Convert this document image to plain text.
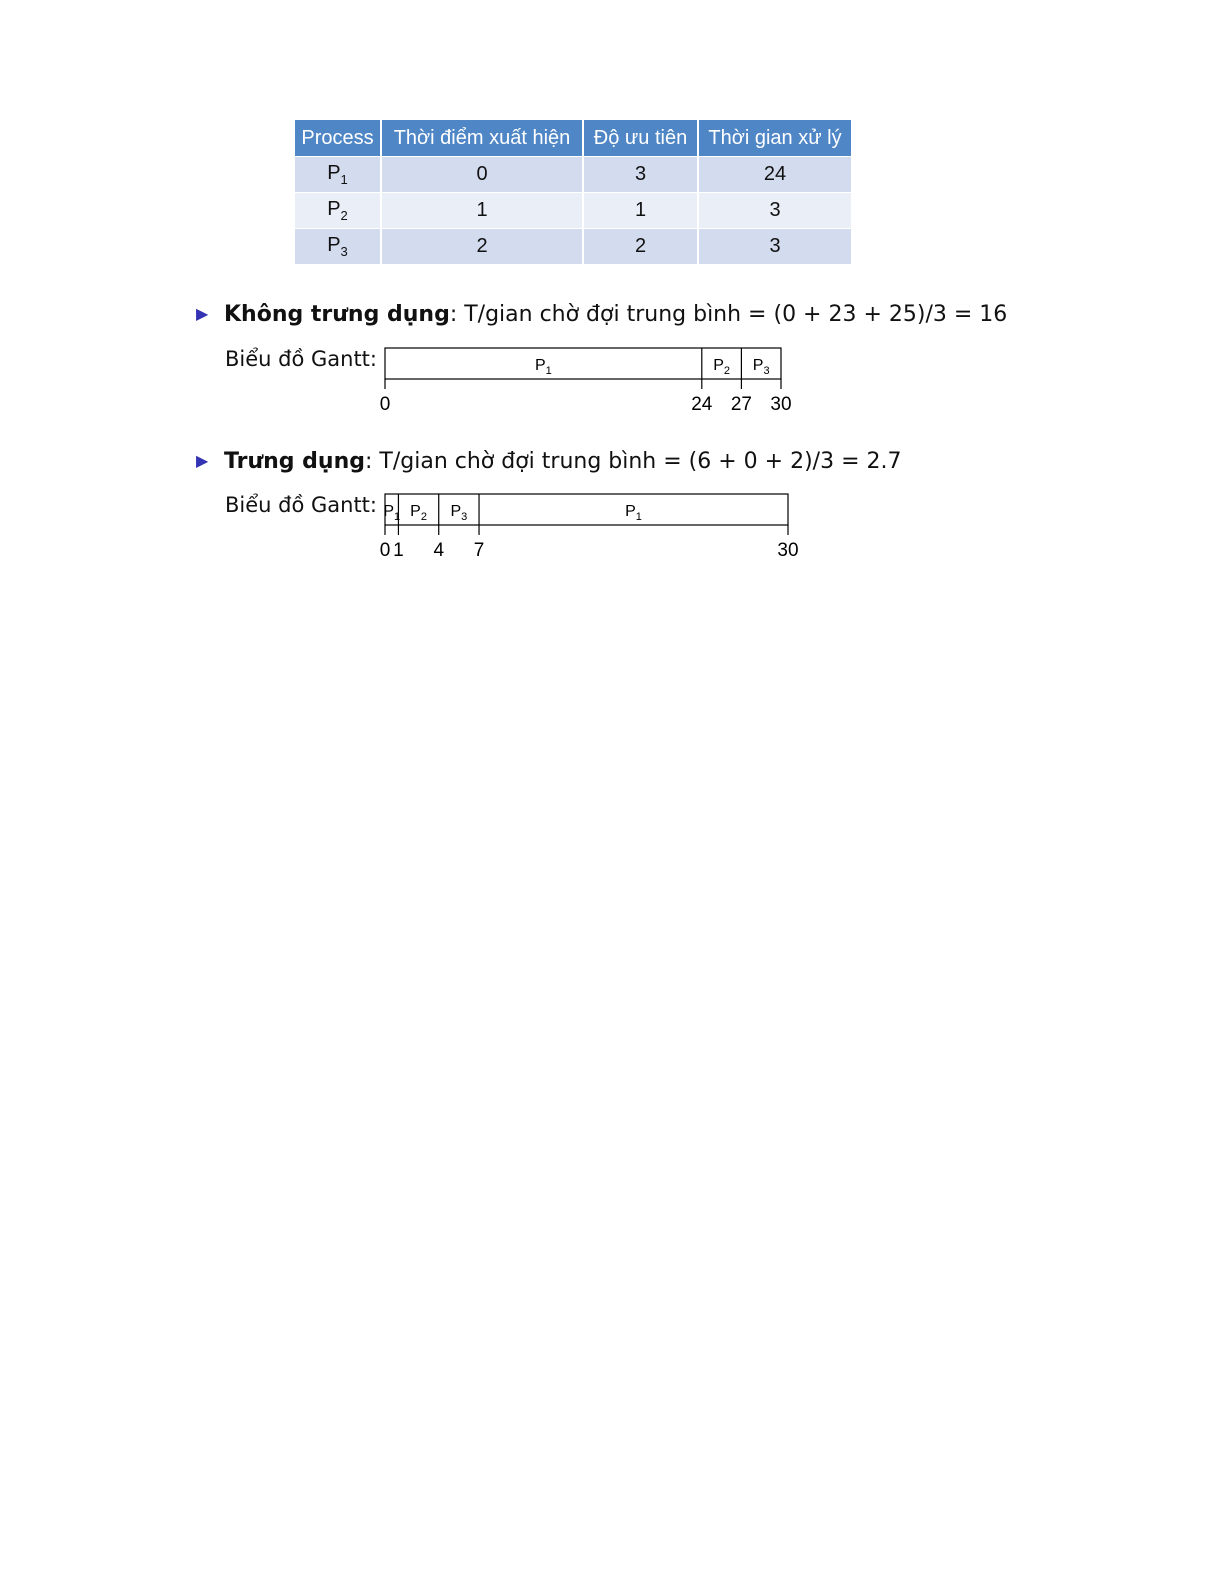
Process	Thời điểm xuất hiện	Độ ưu tiên	Thời gian xử lý
$P_1$	0	3	24
$P_2$	1	1	3
$P_3$	2	2	3
▶ Không trưng dụng: T/gian chờ đợi trung bình = (0 + 23 + 25)/3 = 16
Biểu đồ Gantt:	$P_1$	$P_2$ $P_3$
0	24 27 30
▶ Trưng dụng: T/gian chờ đợi trung bình = (6 + 0 + 2)/3 = 2.7
Biểu đồ Gantt: $P_1$ $P_2$ $P_3$	$P_1$
0 1 4 7	30
